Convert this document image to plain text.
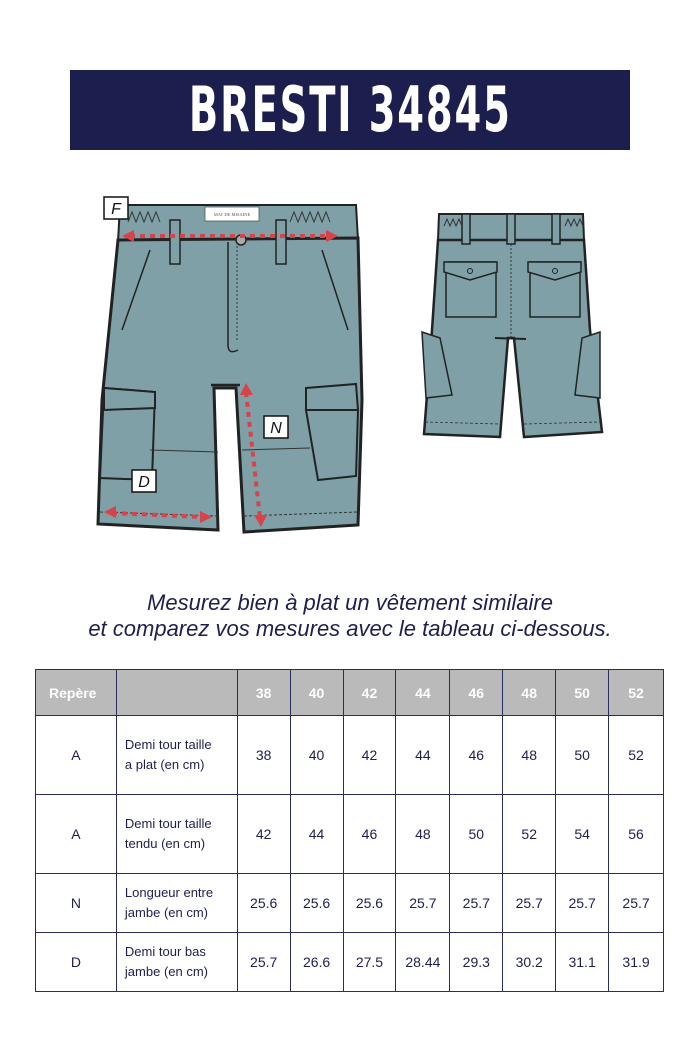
BRESTI 34845
MAT DE MISAINE
F
N
D
Mesurez bien à plat un vêtement similaire
et comparez vos mesures avec le tableau ci-dessous.
Repère		38	40	42	44	46	48	50	52
A	Demi tour taille
a plat (en cm)	38	40	42	44	46	48	50	52
A	Demi tour taille
tendu (en cm)	42	44	46	48	50	52	54	56
N	Longueur entre
jambe (en cm)	25.6	25.6	25.6	25.7	25.7	25.7	25.7	25.7
D	Demi tour bas
jambe (en cm)	25.7	26.6	27.5	28.44	29.3	30.2	31.1	31.9
